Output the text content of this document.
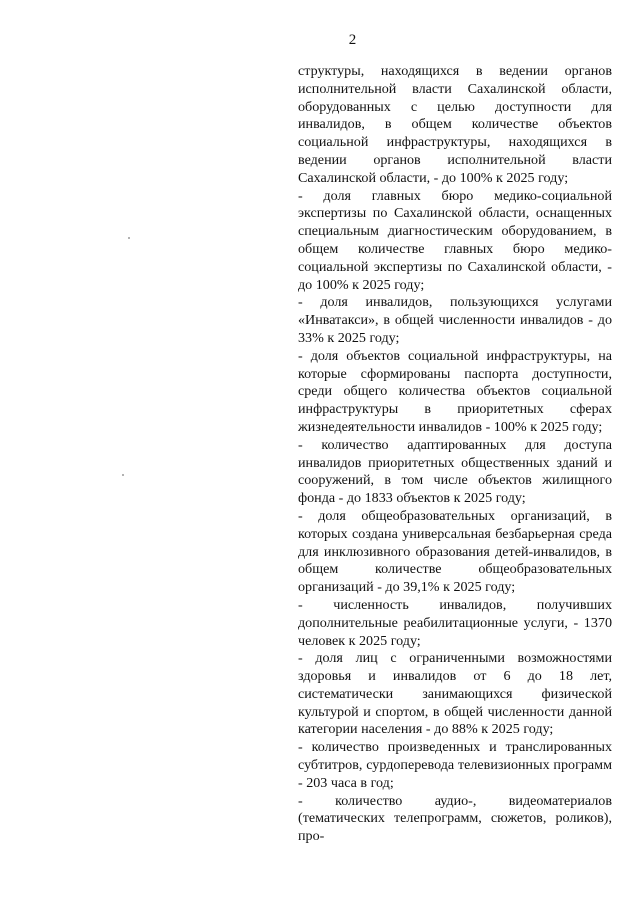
2

структуры, находящихся в ведении органов исполнительной власти Сахалинской области, оборудованных с целью доступности для инвалидов, в общем количестве объектов социальной инфраструктуры, находящихся в ведении органов исполнительной власти Сахалинской области, - до 100% к 2025 году;

- доля главных бюро медико-социальной экспертизы по Сахалинской области, оснащенных специальным диагностическим оборудованием, в общем количестве главных бюро медико-социальной экспертизы по Сахалинской области, - до 100% к 2025 году;

- доля инвалидов, пользующихся услугами «Инватакси», в общей численности инвалидов - до 33% к 2025 году;

- доля объектов социальной инфраструктуры, на которые сформированы паспорта доступности, среди общего количества объектов социальной инфраструктуры в приоритетных сферах жизнедеятельности инвалидов - 100% к 2025 году;

- количество адаптированных для доступа инвалидов приоритетных общественных зданий и сооружений, в том числе объектов жилищного фонда - до 1833 объектов к 2025 году;

- доля общеобразовательных организаций, в которых создана универсальная безбарьерная среда для инклюзивного образования детей-инвалидов, в общем количестве общеобразовательных организаций - до 39,1% к 2025 году;

- численность инвалидов, получивших дополнительные реабилитационные услуги, - 1370 человек к 2025 году;

- доля лиц с ограниченными возможностями здоровья и инвалидов от 6 до 18 лет, систематически занимающихся физической культурой и спортом, в общей численности данной категории населения - до 88% к 2025 году;

- количество произведенных и транслированных субтитров, сурдоперевода телевизионных программ - 203 часа в год;

- количество аудио-, видеоматериалов (тематических телепрограмм, сюжетов, роликов), про-
